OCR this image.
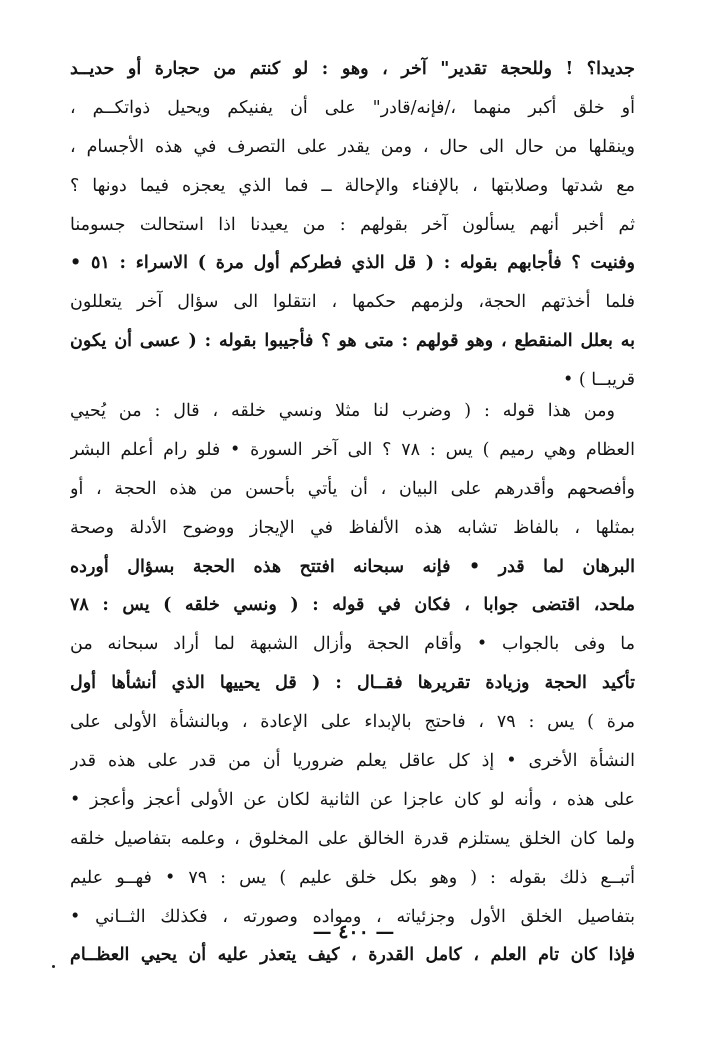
جديدا؟ ! وللحجة تقدير" آخر ، وهو : لو كنتم من حجارة أو حديــد
أو خلق أكبر منهما ،/فإنه/قادر" على أن يفنيكم ويحيل ذواتكــم ،
وينقلها من حال الى حال ، ومن يقدر على التصرف في هذه الأجسام ،
مع شدتها وصلابتها ، بالإفناء والإحالة ــ فما الذي يعجزه فيما دونها ؟
ثم أخبر أنهم يسألون آخر بقولهم : من يعيدنا اذا استحالت جسومنا
وفنيت ؟ فأجابهم بقوله : ( قل الذي فطركم أول مرة ) الاسراء : ٥١ •
فلما أخذتهم الحجة، ولزمهم حكمها ، انتقلوا الى سؤال آخر يتعللون
به بعلل المنقطع ، وهو قولهم : متى هو ؟ فأجيبوا بقوله : ( عسى أن يكون
قريبــا ) •
ومن هذا قوله : ( وضرب لنا مثلا ونسي خلقه ، قال : من يُحيي
العظام وهي رميم ) يس : ٧٨ ؟ الى آخر السورة • فلو رام أعلم البشر
وأفصحهم وأقدرهم على البيان ، أن يأتي بأحسن من هذه الحجة ، أو
بمثلها ، بالفاظ تشابه هذه الألفاظ في الإيجاز ووضوح الأدلة وصحة
البرهان لما قدر • فإنه سبحانه افتتح هذه الحجة بسؤال أورده
ملحد، اقتضى جوابا ، فكان في قوله : ( ونسي خلقه ) يس : ٧٨
ما وفى بالجواب • وأقام الحجة وأزال الشبهة لما أراد سبحانه من
تأكيد الحجة وزيادة تقريرها فقــال : ( قل يحييها الذي أنشأها أول
مرة ) يس : ٧٩ ، فاحتج بالإبداء على الإعادة ، وبالنشأة الأولى على
النشأة الأخرى • إذ كل عاقل يعلم ضروريا أن من قدر على هذه قدر
على هذه ، وأنه لو كان عاجزا عن الثانية لكان عن الأولى أعجز وأعجز •
ولما كان الخلق يستلزم قدرة الخالق على المخلوق ، وعلمه بتفاصيل خلقه
أتبــع ذلك بقوله : ( وهو بكل خلق عليم ) يس : ٧٩ • فهــو عليم
بتفاصيل الخلق الأول وجزئياته ، ومواده وصورته ، فكذلك الثــاني •
فإذا كان تام العلم ، كامل القدرة ، كيف يتعذر عليه أن يحيي العظــام
— ٤٠٠ —
